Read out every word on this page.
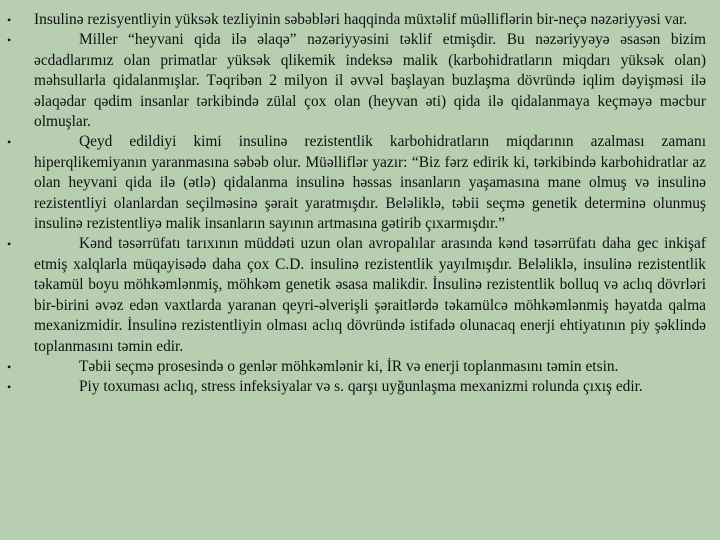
• Insulinə rezisyentliyin yüksək tezliyinin səbəbləri haqqinda müxtəlif müəlliflərin bir-neçə nəzəriyyəsi var.
•	Miller “heyvani qida ilə əlaqə” nəzəriyyəsini təklif etmişdir. Bu nəzəriyyəyə əsasən bizim əcdadlarımız olan primatlar yüksək qlikemik indeksə malik (karbohidratların miqdarı yüksək olan) məhsullarla qidalanmışlar. Təqribən 2 milyon il əvvəl başlayan buzlaşma dövründə iqlim dəyişməsi ilə əlaqədar qədim insanlar tərkibində zülal çox olan (heyvan əti) qida ilə qidalanmaya keçməyə məcbur olmuşlar.
•	Qeyd edildiyi kimi insulinə rezistentlik karbohidratların miqdarının azalması zamanı hiperqlikemiyanın yaranmasına səbəb olur. Müəlliflər yazır: “Biz fərz edirik ki, tərkibində karbohidratlar az olan heyvani qida ilə (ətlə) qidalanma insulinə həssas insanların yaşamasına mane olmuş və insulinə rezistentliyi olanlardan seçilməsinə şərait yaratmışdır. Beləliklə, təbii seçmə genetik determinə olunmuş insulinə rezistentliyə malik insanların sayının artmasına gətirib çıxarmışdır.”
•	Kənd təsərrüfatı tarıxının müddəti uzun olan avropalılar arasında kənd təsərrüfatı daha gec inkişaf etmiş xalqlarla müqayisədə daha çox C.D. insulinə rezistentlik yayılmışdır. Beləliklə, insulinə rezistentlik təkamül boyu möhkəmlənmiş, möhkəm genetik əsasa malikdir. İnsulinə rezistentlik bolluq və aclıq dövrləri bir-birini əvəz edən vaxtlarda yaranan qeyri-əlverişli şəraitlərdə təkamülcə möhkəmlənmiş həyatda qalma mexanizmidir. İnsulinə rezistentliyin olması aclıq dövründə istifadə olunacaq enerji ehtiyatının piy şəklində toplanmasını təmin edir.
•	Təbii seçmə prosesində o genlər möhkəmlənir ki, İR və enerji toplanmasını təmin etsin.
•	Piy toxuması aclıq, stress infeksiyalar və s. qarşı uyğunlaşma mexanizmi rolunda çıxış edir.
